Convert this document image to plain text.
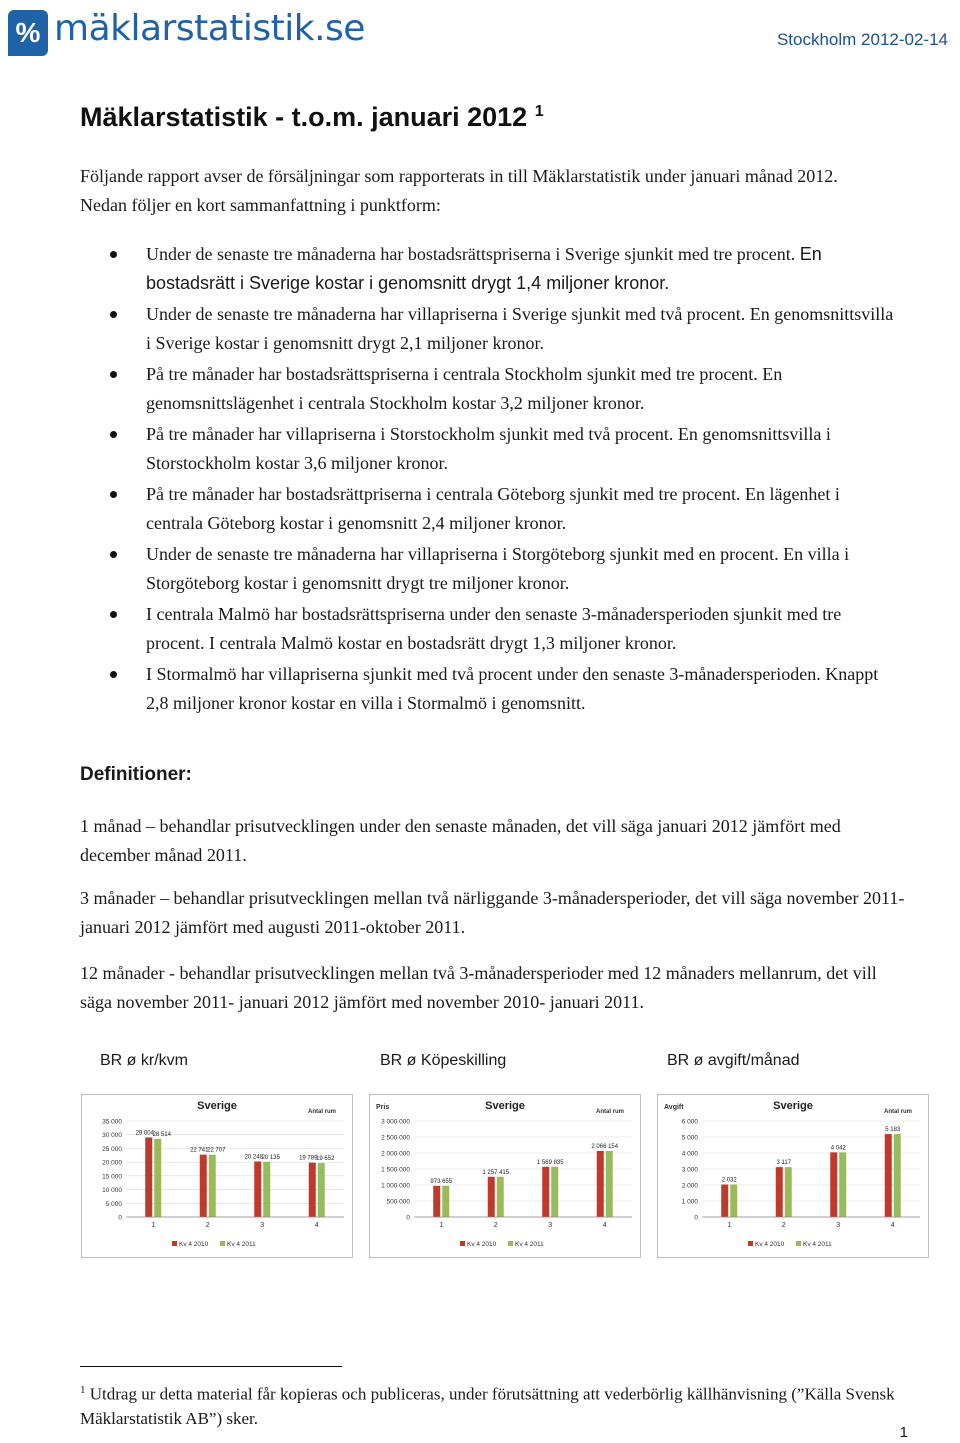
% mäklarstatistik.se	Stockholm 2012-02-14
Mäklarstatistik - t.o.m. januari 2012 $^1$
Följande rapport avser de försäljningar som rapporterats in till Mäklarstatistik under januari månad 2012. Nedan följer en kort sammanfattning i punktform:
Under de senaste tre månaderna har bostadsrättspriserna i Sverige sjunkit med tre procent. En bostadsrätt i Sverige kostar i genomsnitt drygt 1,4 miljoner kronor.
Under de senaste tre månaderna har villapriserna i Sverige sjunkit med två procent. En genomsnittsvilla i Sverige kostar i genomsnitt drygt 2,1 miljoner kronor.
På tre månader har bostadsrättspriserna i centrala Stockholm sjunkit med tre procent. En genomsnittslägenhet i centrala Stockholm kostar 3,2 miljoner kronor.
På tre månader har villapriserna i Storstockholm sjunkit med två procent. En genomsnittsvilla i Storstockholm kostar 3,6 miljoner kronor.
På tre månader har bostadsrättpriserna i centrala Göteborg sjunkit med tre procent. En lägenhet i centrala Göteborg kostar i genomsnitt 2,4 miljoner kronor.
Under de senaste tre månaderna har villapriserna i Storgöteborg sjunkit med en procent. En villa i Storgöteborg kostar i genomsnitt drygt tre miljoner kronor.
I centrala Malmö har bostadsrättspriserna under den senaste 3-månadersperioden sjunkit med tre procent. I centrala Malmö kostar en bostadsrätt drygt 1,3 miljoner kronor.
I Stormalmö har villapriserna sjunkit med två procent under den senaste 3-månadersperioden. Knappt 2,8 miljoner kronor kostar en villa i Stormalmö i genomsnitt.
Definitioner:
1 månad – behandlar prisutvecklingen under den senaste månaden, det vill säga januari 2012 jämfört med december månad 2011.
3 månader – behandlar prisutvecklingen mellan två närliggande 3-månadersperioder, det vill säga november 2011-januari 2012 jämfört med augusti 2011-oktober 2011.
12 månader - behandlar prisutvecklingen mellan två 3-månadersperioder med 12 månaders mellanrum, det vill säga november 2011- januari 2012 jämfört med november 2010- januari 2011.
BR ø kr/kvm	BR ø Köpeskilling	BR ø avgift/månad
Sverige	Antal rum
0
5 000
10 000
15 000
20 000
25 000
30 000
35 000
29 004
28 514
1
22 741
22 707
2
20 248
20 135
3
19 789
19 652
4
Kv 4 2010	Kv 4 2011
Sverige
Pris
Antal rum
0
500 000
1 000 000
1 500 000
2 000 000
2 500 000
3 000 000
973 655
1
1 257 415
2
1 569 835
3
2 066 154
4
Kv 4 2010	Kv 4 2011
Sverige
Avgift
Antal rum
0
1 000
2 000
3 000
4 000
5 000
6 000
2 032
1
3 117
2
4 042
3
5 183
4
Kv 4 2010	Kv 4 2011
$^1$ Utdrag ur detta material får kopieras och publiceras, under förutsättning att vederbörlig källhänvisning (”Källa Svensk Mäklarstatistik AB”) sker.
1
